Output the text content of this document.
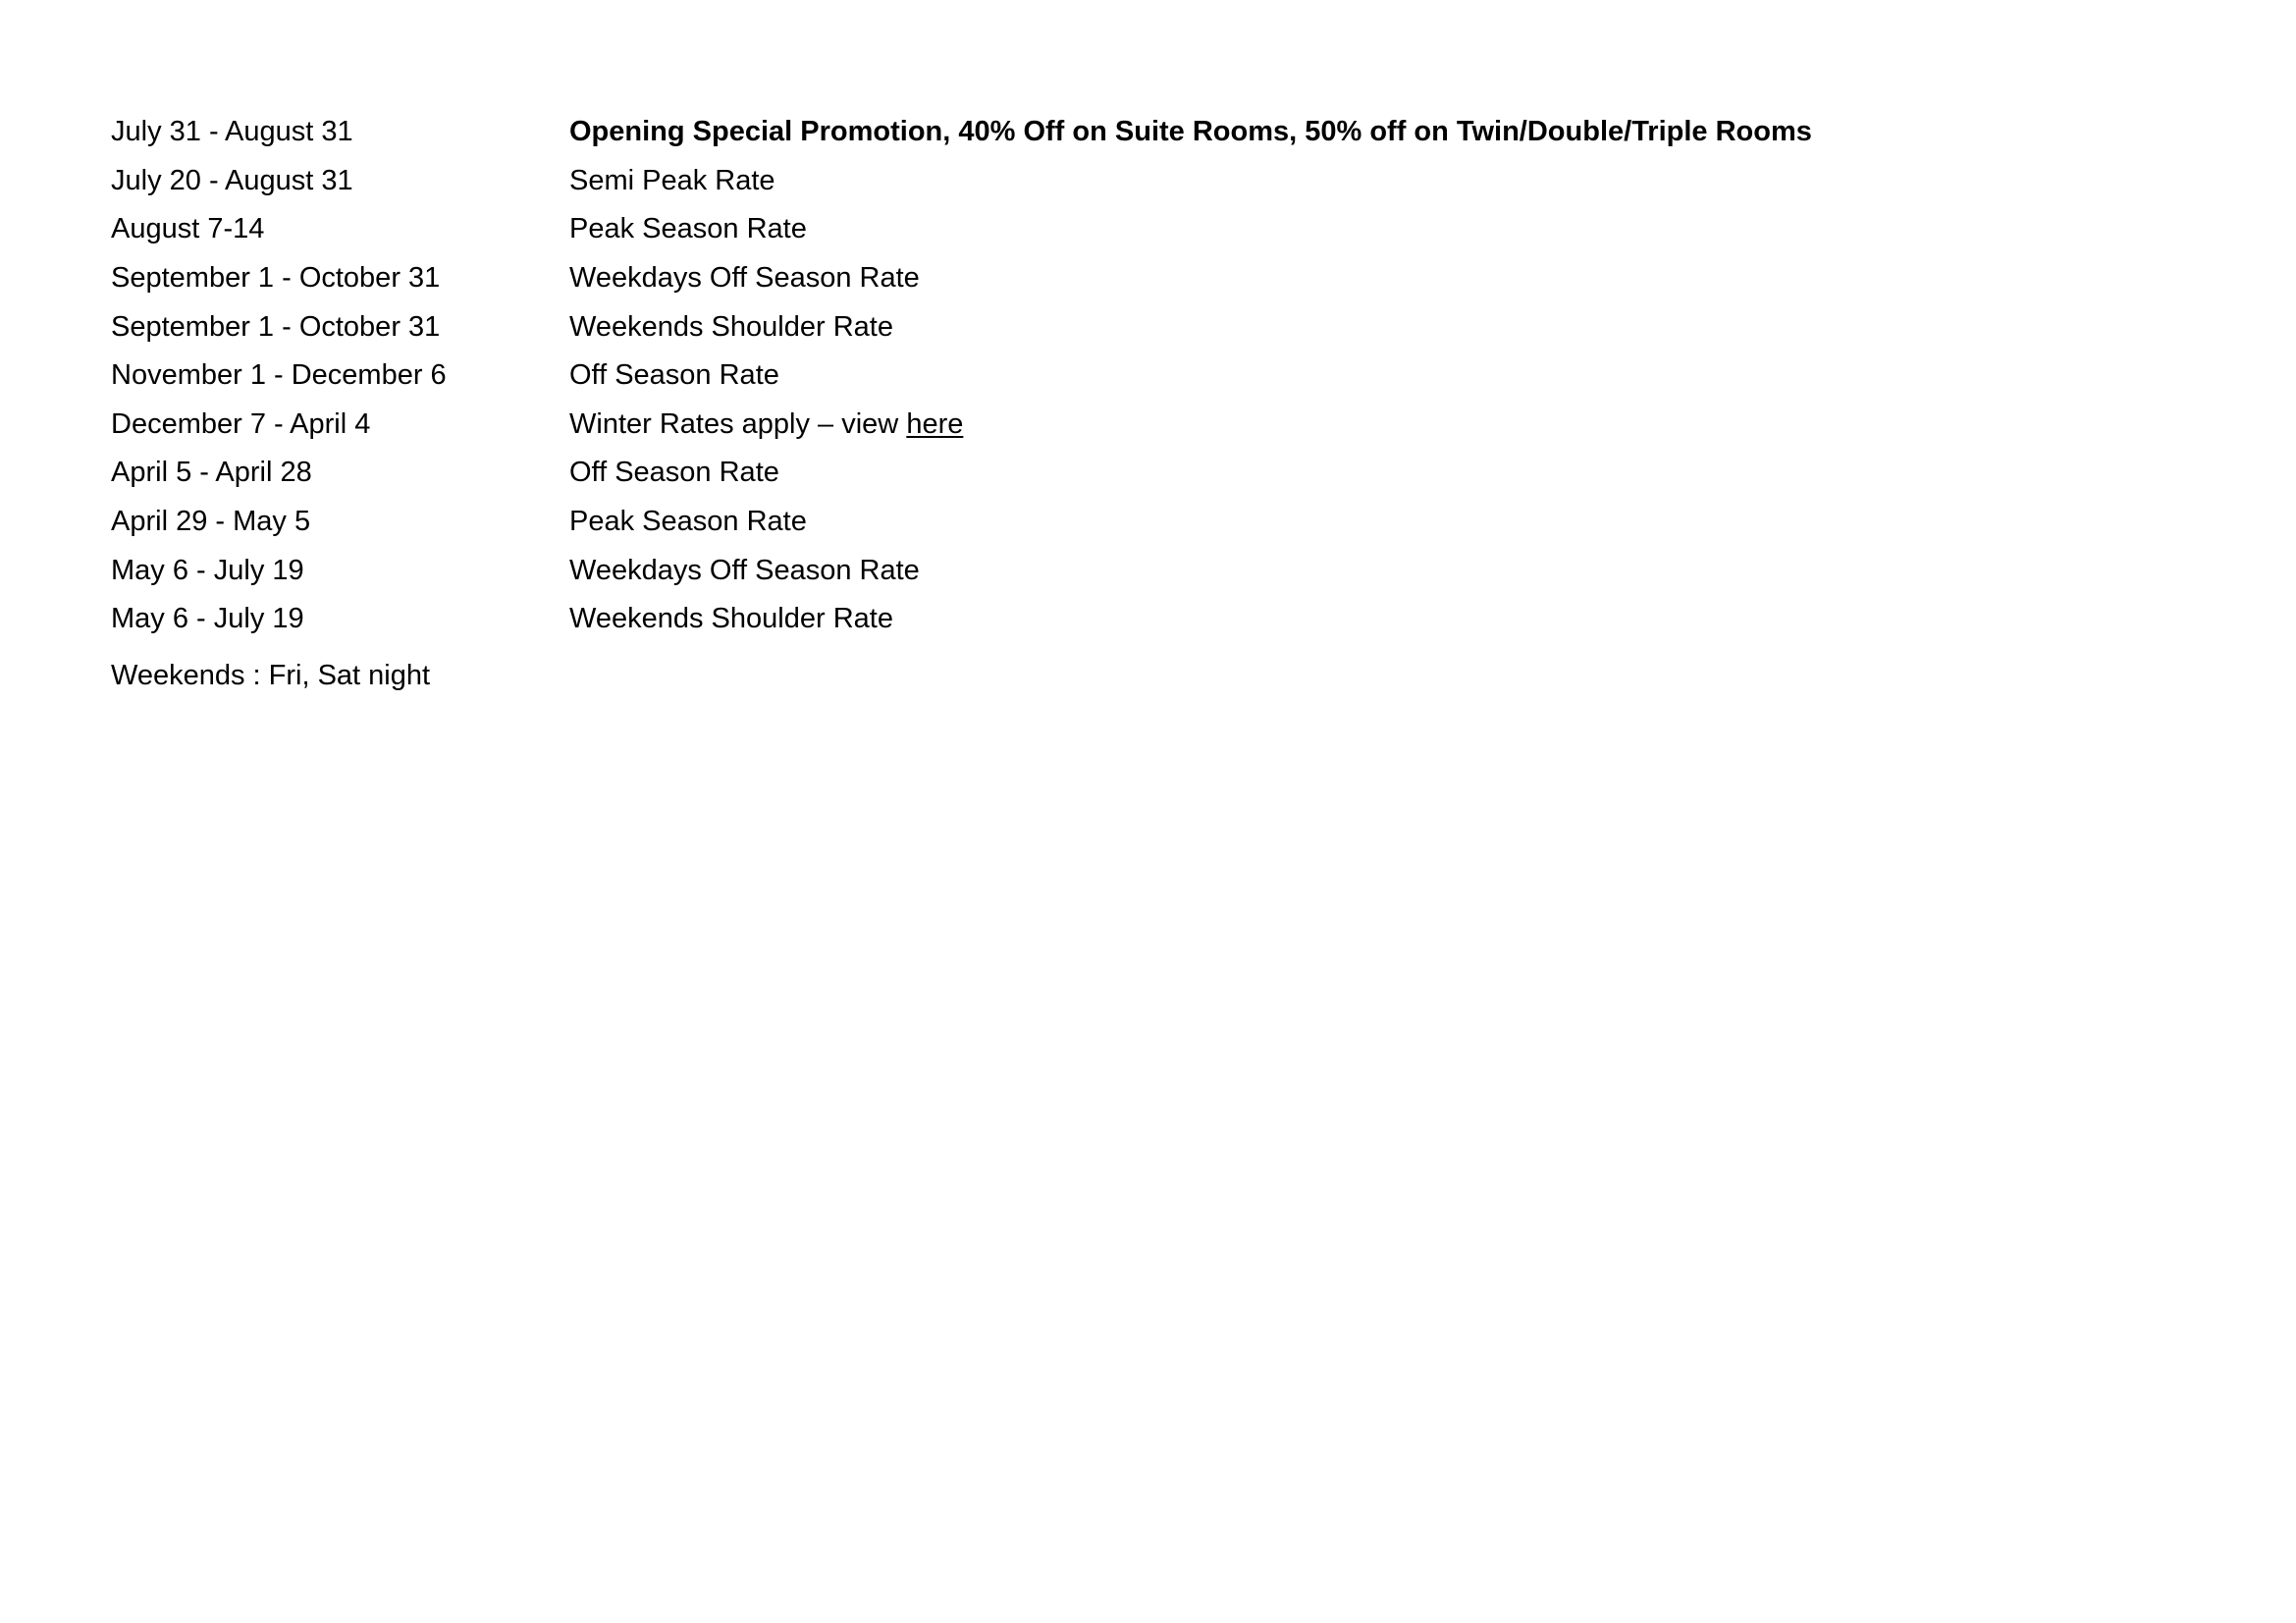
July 31 - August 31	Opening Special Promotion, 40% Off on Suite Rooms, 50% off on Twin/Double/Triple Rooms
July 20 - August 31	Semi Peak Rate
August 7-14	Peak Season Rate
September 1 - October 31	Weekdays Off Season Rate
September 1 - October 31	Weekends Shoulder Rate
November 1 - December 6	Off Season Rate
December 7 - April 4	Winter Rates apply – view here
April 5 - April 28	Off Season Rate
April 29 - May 5	Peak Season Rate
May 6 - July 19	Weekdays Off Season Rate
May 6 - July 19	Weekends Shoulder Rate
Weekends : Fri, Sat night
